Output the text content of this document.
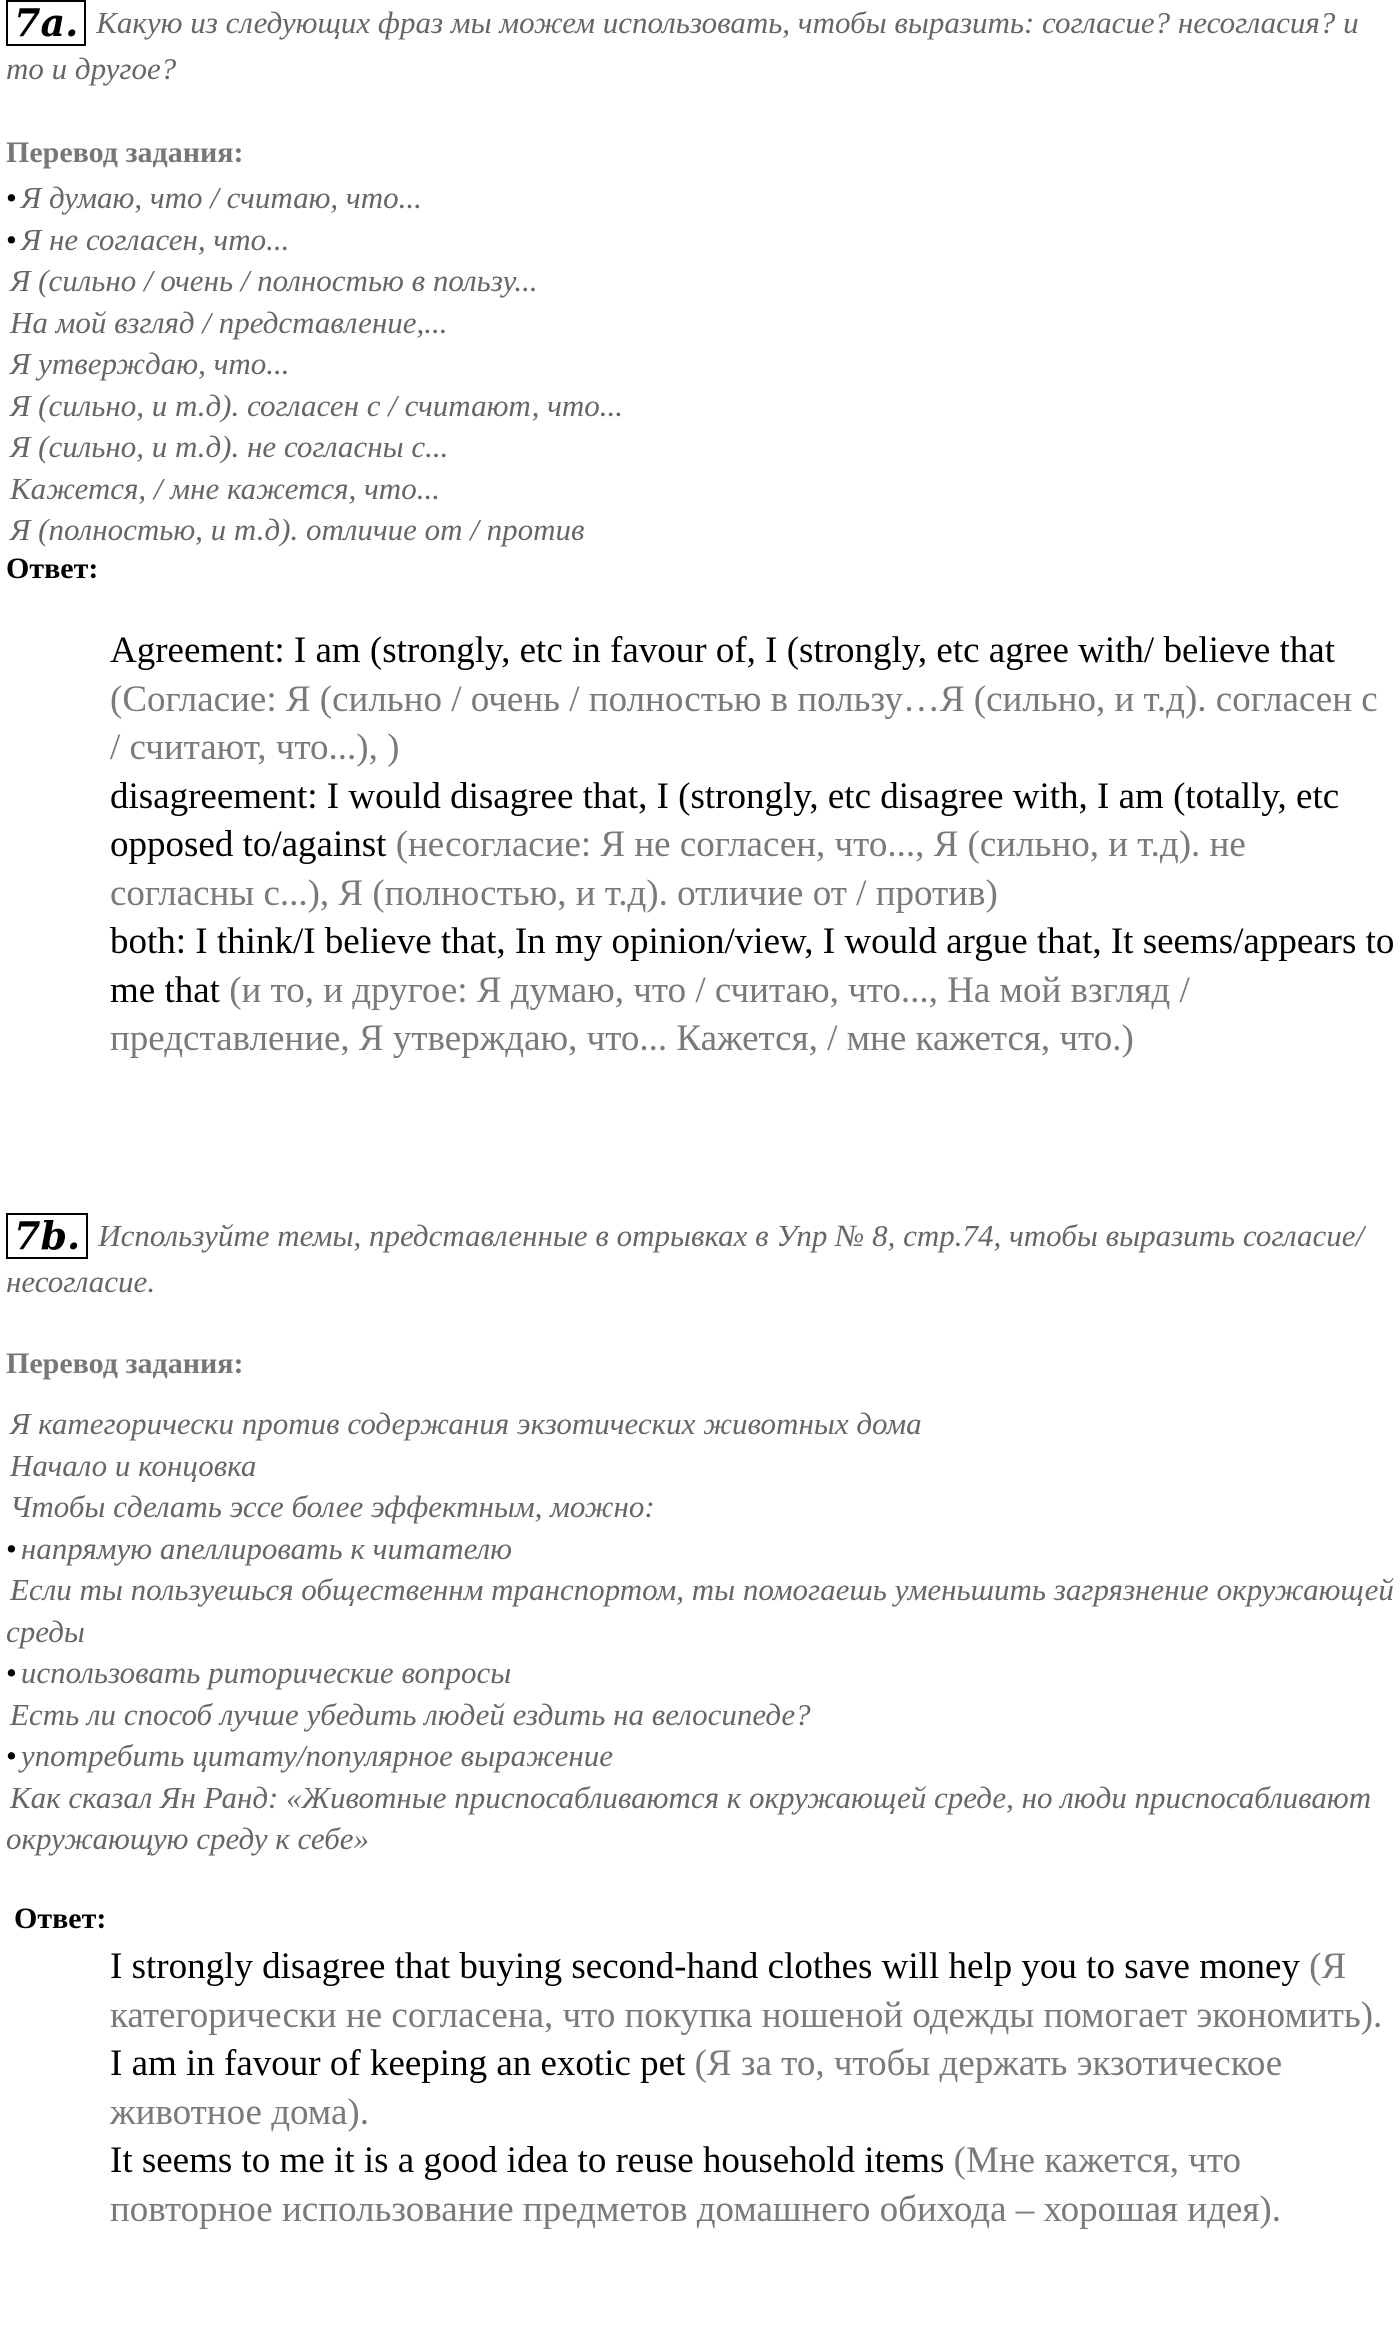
7a. Какую из следующих фраз мы можем использовать, чтобы выразить: согласие? несогласия? и то и другое?
Перевод задания:
• Я думаю, что / считаю, что...
• Я не согласен, что...
Я (сильно / очень / полностью в пользу...
На мой взгляд / представление,...
Я утверждаю, что...
Я (сильно, и т.д). согласен с / считают, что...
Я (сильно, и т.д). не согласны с...
Кажется, / мне кажется, что...
Я (полностью, и т.д). отличие от / против
Ответ:

Agreement: I am (strongly, etc in favour of, I (strongly, etc agree with/ believe that (Согласие: Я (сильно / очень / полностью в пользу…Я (сильно, и т.д). согласен с / считают, что...), )

disagreement: I would disagree that, I (strongly, etc disagree with, I am (totally, etc opposed to/against (несогласие: Я не согласен, что..., Я (сильно, и т.д). не согласны с...), Я (полностью, и т.д). отличие от / против)

both: I think/I believe that, In my opinion/view, I would argue that, It seems/appears to me that (и то, и другое: Я думаю, что / считаю, что..., На мой взгляд / представление, Я утверждаю, что... Кажется, / мне кажется, что.)

7b. Используйте темы, представленные в отрывках в Упр № 8, стр.74, чтобы выразить согласие/несогласие.
Перевод задания:
Я категорически против содержания экзотических животных дома
Начало и концовка
Чтобы сделать эссе более эффектным, можно:
• напрямую апеллировать к читателю
Если ты пользуешься общественнм транспортом, ты помогаешь уменьшить загрязнение окружающей среды
• использовать риторические вопросы
Есть ли способ лучше убедить людей ездить на велосипеде?
• употребить цитату/популярное выражение
Как сказал Ян Ранд: «Животные приспосабливаются к окружающей среде, но люди приспосабливают окружающую среду к себе»
Ответ:

I strongly disagree that buying second-hand clothes will help you to save money (Я категорически не согласена, что покупка ношеной одежды помогает экономить).

I am in favour of keeping an exotic pet (Я за то, чтобы держать экзотическое животное дома).

It seems to me it is a good idea to reuse household items (Мне кажется, что повторное использование предметов домашнего обихода – хорошая идея).
